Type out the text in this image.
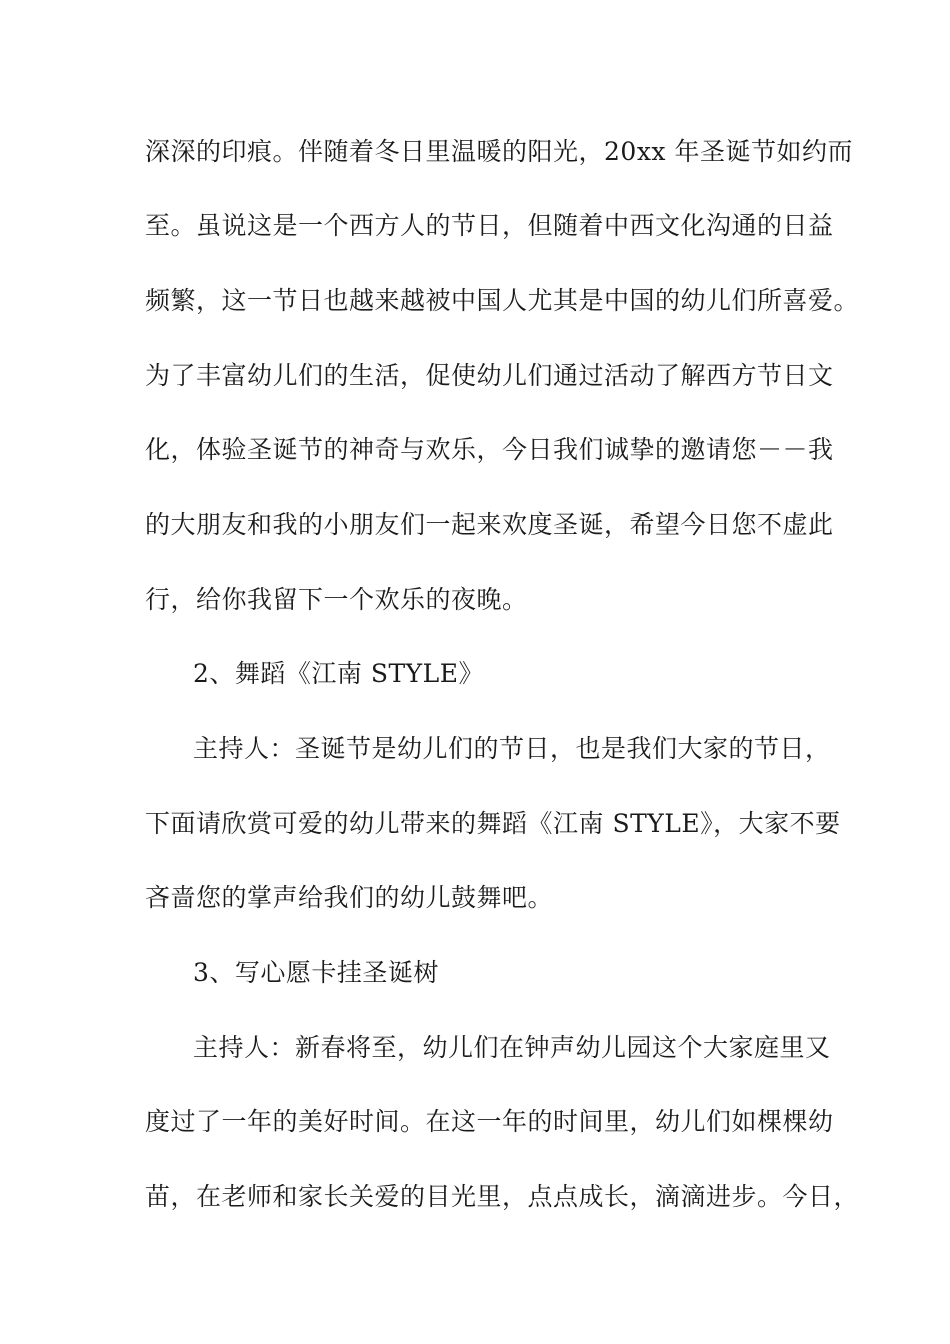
深深的印痕。伴随着冬日里温暖的阳光，20xx 年圣诞节如约而
至。虽说这是一个西方人的节日，但随着中西文化沟通的日益
频繁，这一节日也越来越被中国人尤其是中国的幼儿们所喜爱。
为了丰富幼儿们的生活，促使幼儿们通过活动了解西方节日文
化，体验圣诞节的神奇与欢乐，今日我们诚挚的邀请您－－我
的大朋友和我的小朋友们一起来欢度圣诞，希望今日您不虚此
行，给你我留下一个欢乐的夜晚。
2、舞蹈《江南 STYLE》
主持人：圣诞节是幼儿们的节日，也是我们大家的节日，
下面请欣赏可爱的幼儿带来的舞蹈《江南 STYLE》，大家不要
吝啬您的掌声给我们的幼儿鼓舞吧。
3、写心愿卡挂圣诞树
主持人：新春将至，幼儿们在钟声幼儿园这个大家庭里又
度过了一年的美好时间。在这一年的时间里，幼儿们如棵棵幼
苗，在老师和家长关爱的目光里，点点成长，滴滴进步。今日，
